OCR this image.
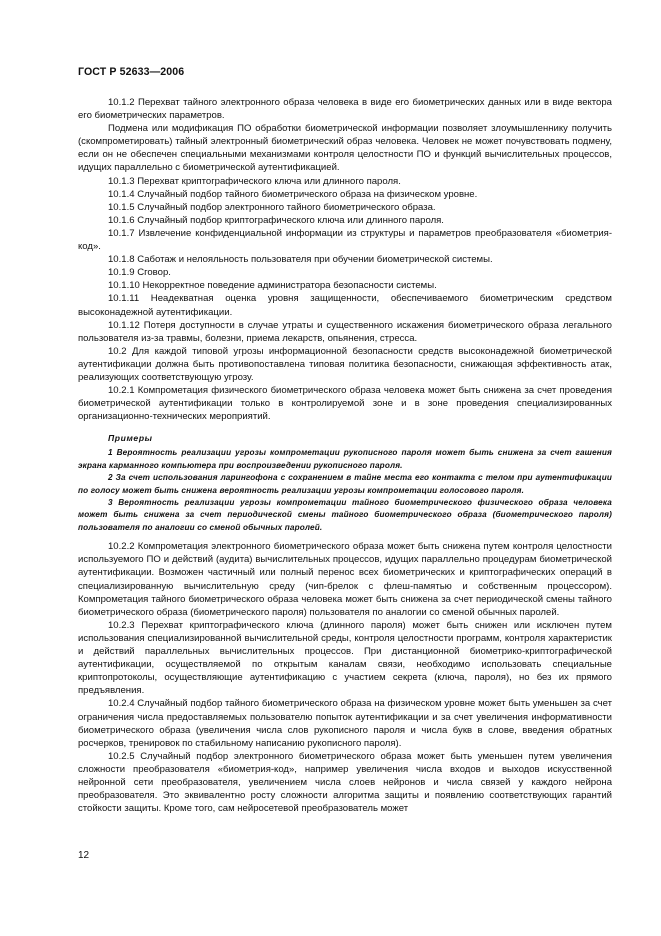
ГОСТ Р 52633—2006

10.1.2 Перехват тайного электронного образа человека в виде его биометрических данных или в виде вектора его биометрических параметров.

Подмена или модификация ПО обработки биометрической информации позволяет злоумышленнику получить (скомпрометировать) тайный электронный биометрический образ человека. Человек не может почувствовать подмену, если он не обеспечен специальными механизмами контроля целостности ПО и функций вычислительных процессов, идущих параллельно с биометрической аутентификацией.

10.1.3 Перехват криптографического ключа или длинного пароля.

10.1.4 Случайный подбор тайного биометрического образа на физическом уровне.

10.1.5 Случайный подбор электронного тайного биометрического образа.

10.1.6 Случайный подбор криптографического ключа или длинного пароля.

10.1.7 Извлечение конфиденциальной информации из структуры и параметров преобразователя «биометрия-код».

10.1.8 Саботаж и нелояльность пользователя при обучении биометрической системы.

10.1.9 Сговор.

10.1.10 Некорректное поведение администратора безопасности системы.

10.1.11 Неадекватная оценка уровня защищенности, обеспечиваемого биометрическим средством высоконадежной аутентификации.

10.1.12 Потеря доступности в случае утраты и существенного искажения биометрического образа легального пользователя из-за травмы, болезни, приема лекарств, опьянения, стресса.

10.2 Для каждой типовой угрозы информационной безопасности средств высоконадежной биометрической аутентификации должна быть противопоставлена типовая политика безопасности, снижающая эффективность атак, реализующих соответствующую угрозу.

10.2.1 Компрометация физического биометрического образа человека может быть снижена за счет проведения биометрической аутентификации только в контролируемой зоне и в зоне проведения специализированных организационно-технических мероприятий.

Примеры

1 Вероятность реализации угрозы компрометации рукописного пароля может быть снижена за счет гашения экрана карманного компьютера при воспроизведении рукописного пароля.

2 За счет использования ларингофона с сохранением в тайне места его контакта с телом при аутентификации по голосу может быть снижена вероятность реализации угрозы компрометации голосового пароля.

3 Вероятность реализации угрозы компрометации тайного биометрического физического образа человека может быть снижена за счет периодической смены тайного биометрического образа (биометрического пароля) пользователя по аналогии со сменой обычных паролей.

10.2.2 Компрометация электронного биометрического образа может быть снижена путем контроля целостности используемого ПО и действий (аудита) вычислительных процессов, идущих параллельно процедурам биометрической аутентификации. Возможен частичный или полный перенос всех биометрических и криптографических операций в специализированную вычислительную среду (чип-брелок с флеш-памятью и собственным процессором). Компрометация тайного биометрического образа человека может быть снижена за счет периодической смены тайного биометрического образа (биометрического пароля) пользователя по аналогии со сменой обычных паролей.

10.2.3 Перехват криптографического ключа (длинного пароля) может быть снижен или исключен путем использования специализированной вычислительной среды, контроля целостности программ, контроля характеристик и действий параллельных вычислительных процессов. При дистанционной биометрико-криптографической аутентификации, осуществляемой по открытым каналам связи, необходимо использовать специальные криптопротоколы, осуществляющие аутентификацию с участием секрета (ключа, пароля), но без их прямого предъявления.

10.2.4 Случайный подбор тайного биометрического образа на физическом уровне может быть уменьшен за счет ограничения числа предоставляемых пользователю попыток аутентификации и за счет увеличения информативности биометрического образа (увеличения числа слов рукописного пароля и числа букв в слове, введения обратных росчерков, тренировок по стабильному написанию рукописного пароля).

10.2.5 Случайный подбор электронного биометрического образа может быть уменьшен путем увеличения сложности преобразователя «биометрия-код», например увеличения числа входов и выходов искусственной нейронной сети преобразователя, увеличением числа слоев нейронов и числа связей у каждого нейрона преобразователя. Это эквивалентно росту сложности алгоритма защиты и появлению соответствующих гарантий стойкости защиты. Кроме того, сам нейросетевой преобразователь может

12
